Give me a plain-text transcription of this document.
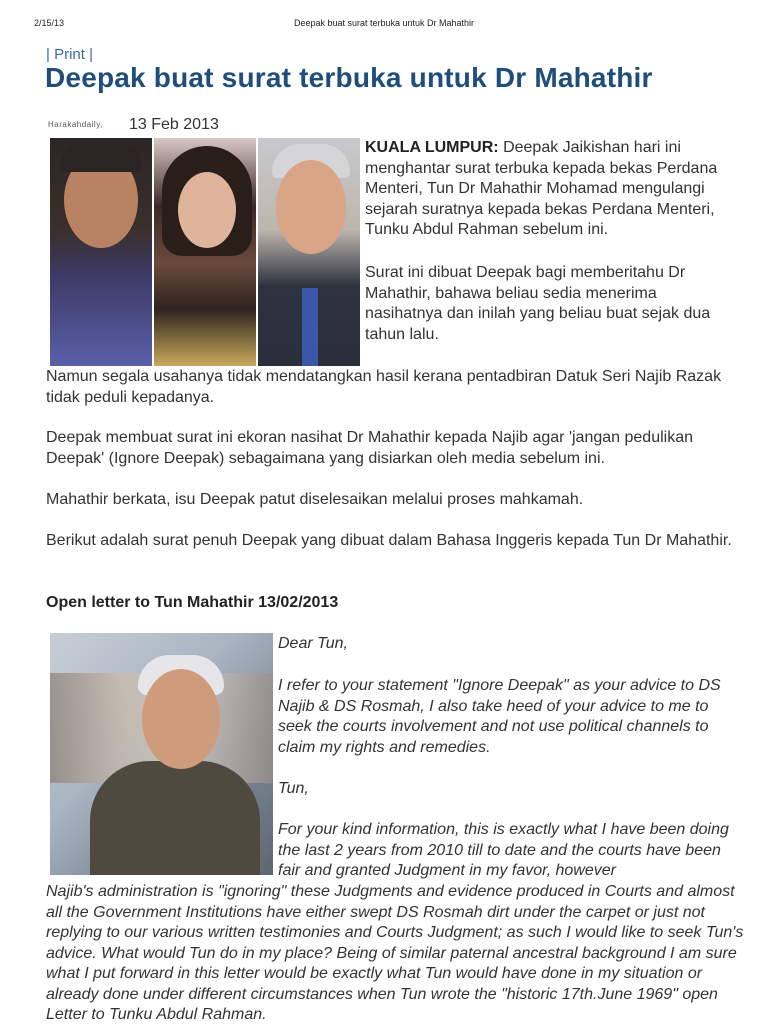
2/15/13	Deepak buat surat terbuka untuk Dr Mahathir
| Print |
Deepak buat surat terbuka untuk Dr Mahathir
Harakahdaily, 13 Feb 2013

KUALA LUMPUR: Deepak Jaikishan hari ini menghantar surat terbuka kepada bekas Perdana Menteri, Tun Dr Mahathir Mohamad mengulangi sejarah suratnya kepada bekas Perdana Menteri, Tunku Abdul Rahman sebelum ini.

Surat ini dibuat Deepak bagi memberitahu Dr Mahathir, bahawa beliau sedia menerima nasihatnya dan inilah yang beliau buat sejak dua tahun lalu.

Namun segala usahanya tidak mendatangkan hasil kerana pentadbiran Datuk Seri Najib Razak tidak peduli kepadanya.

Deepak membuat surat ini ekoran nasihat Dr Mahathir kepada Najib agar 'jangan pedulikan Deepak' (Ignore Deepak) sebagaimana yang disiarkan oleh media sebelum ini.

Mahathir berkata, isu Deepak patut diselesaikan melalui proses mahkamah.

Berikut adalah surat penuh Deepak yang dibuat dalam Bahasa Inggeris kepada Tun Dr Mahathir.

Open letter to Tun Mahathir 13/02/2013

Dear Tun,

I refer to your statement "Ignore Deepak" as your advice to DS Najib & DS Rosmah, I also take heed of your advice to me to seek the courts involvement and not use political channels to claim my rights and remedies.

Tun,

For your kind information, this is exactly what I have been doing the last 2 years from 2010 till to date and the courts have been fair and granted Judgment in my favor, however

Najib's administration is "ignoring" these Judgments and evidence produced in Courts and almost all the Government Institutions have either swept DS Rosmah dirt under the carpet or just not replying to our various written testimonies and Courts Judgment; as such I would like to seek Tun's advice. What would Tun do in my place? Being of similar paternal ancestral background I am sure what I put forward in this letter would be exactly what Tun would have done in my situation or already done under different circumstances when Tun wrote the "historic 17th.June 1969" open Letter to Tunku Abdul Rahman.
